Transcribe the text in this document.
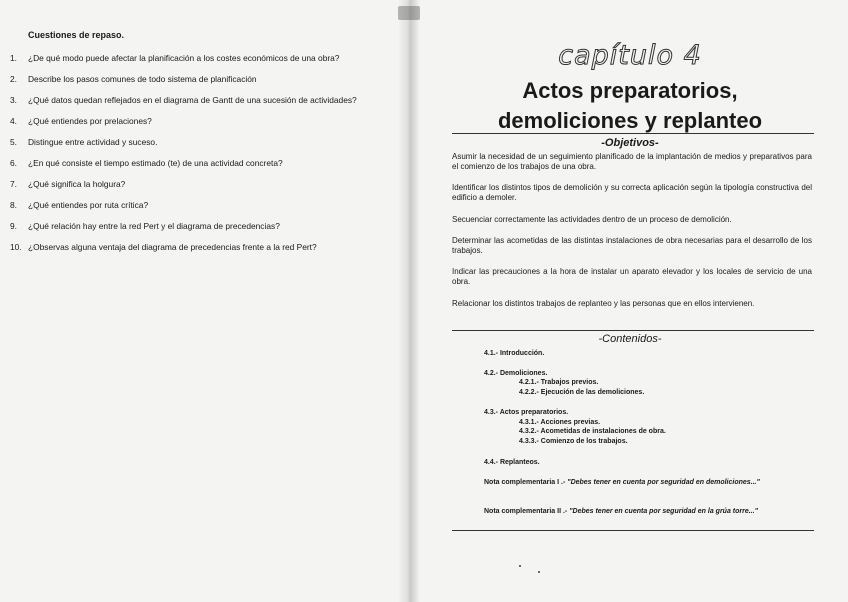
Cuestiones de repaso.
1.	¿De qué modo puede afectar la planificación a los costes económicos de una obra?
2.	Describe los pasos comunes de todo sistema de planificación
3.	¿Qué datos quedan reflejados en el diagrama de Gantt de una sucesión de actividades?
4.	¿Qué entiendes por prelaciones?
5.	Distingue entre actividad y suceso.
6.	¿En qué consiste el tiempo estimado (te) de una actividad concreta?
7.	¿Qué significa la holgura?
8.	¿Qué entiendes por ruta crítica?
9.	¿Qué relación hay entre la red Pert y el diagrama de precedencias?
10. ¿Observas alguna ventaja del diagrama de precedencias frente a la red Pert?
capítulo 4
Actos preparatorios,
demoliciones y replanteo
-Objetivos-

Asumir la necesidad de un seguimiento planificado de la implantación de medios y preparativos para el comienzo de los trabajos de una obra.

Identificar los distintos tipos de demolición y su correcta aplicación según la tipología constructiva del edificio a demoler.

Secuenciar correctamente las actividades dentro de un proceso de demolición.

Determinar las acometidas de las distintas instalaciones de obra necesarias para el desarrollo de los trabajos.

Indicar las precauciones a la hora de instalar un aparato elevador y los locales de servicio de una obra.

Relacionar los distintos trabajos de replanteo y las personas que en ellos intervienen.

-Contenidos-

4.1.- Introducción.

4.2.- Demoliciones.

4.2.1.- Trabajos previos.

4.2.2.- Ejecución de las demoliciones.

4.3.- Actos preparatorios.

4.3.1.- Acciones previas.

4.3.2.- Acometidas de instalaciones de obra.

4.3.3.- Comienzo de los trabajos.

4.4.- Replanteos.

Nota complementaria I .- "Debes tener en cuenta por seguridad en demoliciones..."

Nota complementaria II .- "Debes tener en cuenta por seguridad en la grúa torre..."
